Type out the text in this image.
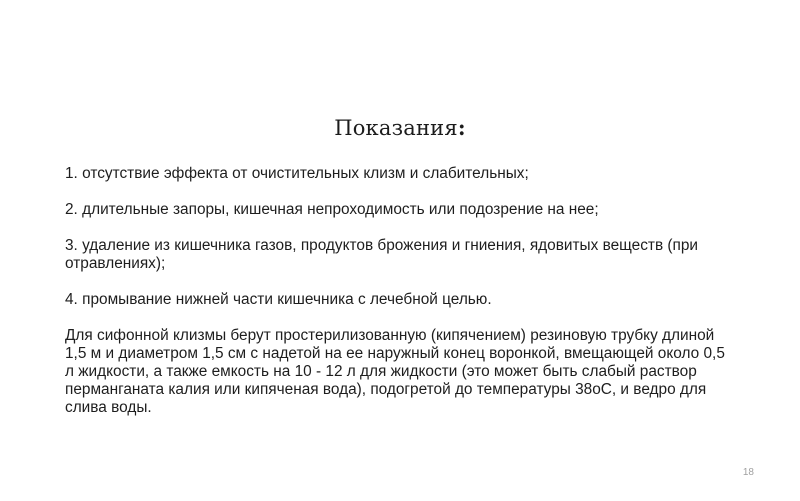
Показания:

1. отсутствие эффекта от очистительных клизм и слабительных;

2. длительные запоры, кишечная непроходимость или подозрение на нее;

3. удаление из кишечника газов, продуктов брожения и гниения, ядовитых веществ (при
отравлениях);

4. промывание нижней части кишечника с лечебной целью.

Для сифонной клизмы берут простерилизованную (кипячением) резиновую трубку длиной
1,5 м и диаметром 1,5 см с надетой на ее наружный конец воронкой, вмещающей около 0,5
л жидкости, а также емкость на 10 - 12 л для жидкости (это может быть слабый раствор
перманганата калия или кипяченая вода), подогретой до температуры 38оС, и ведро для
слива воды.

18
